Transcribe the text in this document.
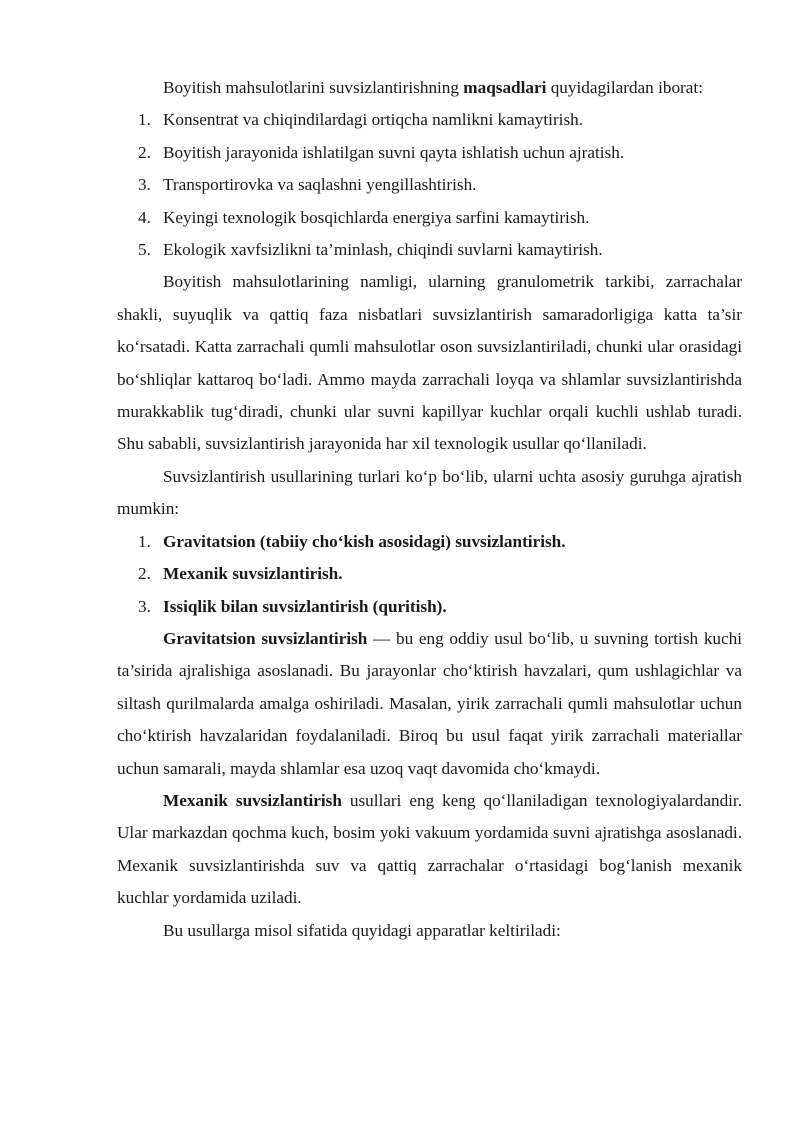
Boyitish mahsulotlarini suvsizlantirishning maqsadlari quyidagilardan iborat:

1. Konsentrat va chiqindilardagi ortiqcha namlikni kamaytirish.
2. Boyitish jarayonida ishlatilgan suvni qayta ishlatish uchun ajratish.
3. Transportirovka va saqlashni yengillashtirish.
4. Keyingi texnologik bosqichlarda energiya sarfini kamaytirish.
5. Ekologik xavfsizlikni ta’minlash, chiqindi suvlarni kamaytirish.

Boyitish mahsulotlarining namligi, ularning granulometrik tarkibi, zarrachalar shakli, suyuqlik va qattiq faza nisbatlari suvsizlantirish samaradorligiga katta ta’sir ko‘rsatadi. Katta zarrachali qumli mahsulotlar oson suvsizlantiriladi, chunki ular orasidagi bo‘shliqlar kattaroq bo‘ladi. Ammo mayda zarrachali loyqa va shlamlar suvsizlantirishda murakkablik tug‘diradi, chunki ular suvni kapillyar kuchlar orqali kuchli ushlab turadi. Shu sababli, suvsizlantirish jarayonida har xil texnologik usullar qo‘llaniladi.

Suvsizlantirish usullarining turlari ko‘p bo‘lib, ularni uchta asosiy guruhga ajratish mumkin:

1. Gravitatsion (tabiiy cho‘kish asosidagi) suvsizlantirish.
2. Mexanik suvsizlantirish.
3. Issiqlik bilan suvsizlantirish (quritish).

Gravitatsion suvsizlantirish — bu eng oddiy usul bo‘lib, u suvning tortish kuchi ta’sirida ajralishiga asoslanadi. Bu jarayonlar cho‘ktirish havzalari, qum ushlagichlar va siltash qurilmalarda amalga oshiriladi. Masalan, yirik zarrachali qumli mahsulotlar uchun cho‘ktirish havzalaridan foydalaniladi. Biroq bu usul faqat yirik zarrachali materiallar uchun samarali, mayda shlamlar esa uzoq vaqt davomida cho‘kmaydi.

Mexanik suvsizlantirish usullari eng keng qo‘llaniladigan texnologiyalardandir. Ular markazdan qochma kuch, bosim yoki vakuum yordamida suvni ajratishga asoslanadi. Mexanik suvsizlantirishda suv va qattiq zarrachalar o‘rtasidagi bog‘lanish mexanik kuchlar yordamida uziladi.

Bu usullarga misol sifatida quyidagi apparatlar keltiriladi:
